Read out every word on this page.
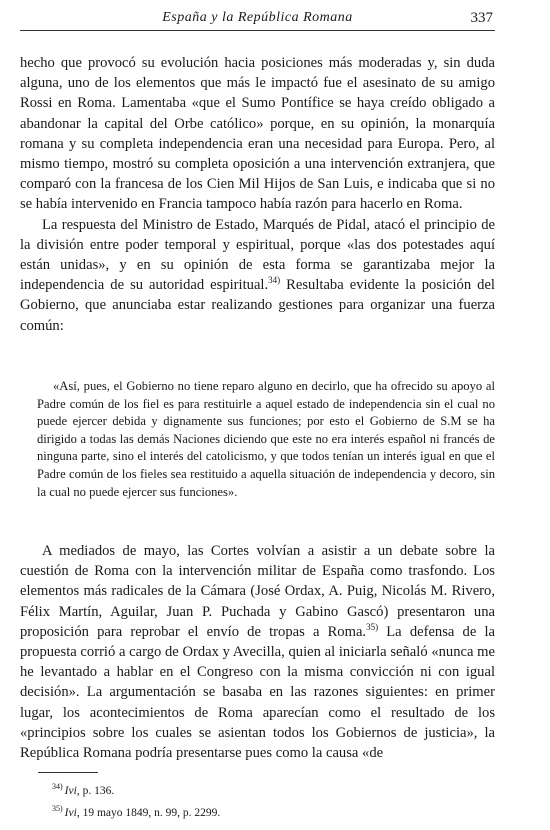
España y la República Romana	337

hecho que provocó su evolución hacia posiciones más moderadas y, sin duda alguna, uno de los elementos que más le impactó fue el asesinato de su amigo Rossi en Roma. Lamentaba «que el Sumo Pontífice se haya creído obligado a abandonar la capital del Orbe católico» porque, en su opinión, la monarquía romana y su completa independencia eran una necesidad para Europa. Pero, al mismo tiempo, mostró su completa oposición a una intervención extranjera, que comparó con la francesa de los Cien Mil Hijos de San Luis, e indicaba que si no se había intervenido en Francia tampoco había razón para hacerlo en Roma.

La respuesta del Ministro de Estado, Marqués de Pidal, atacó el principio de la división entre poder temporal y espiritual, porque «las dos potestades aquí están unidas», y en su opinión de esta forma se garantizaba mejor la independencia de su autoridad espiritual.$^{34)}$ Resultaba evidente la posición del Gobierno, que anunciaba estar realizando gestiones para organizar una fuerza común:

«Así, pues, el Gobierno no tiene reparo alguno en decirlo, que ha ofrecido su apoyo al Padre común de los fiel es para restituirle a aquel estado de independencia sin el cual no puede ejercer debida y dignamente sus funciones; por esto el Gobierno de S.M se ha dirigido a todas las demás Naciones diciendo que este no era interés español ni francés de ninguna parte, sino el interés del catolicismo, y que todos tenían un interés igual en que el Padre común de los fieles sea restituido a aquella situación de independencia y decoro, sin la cual no puede ejercer sus funciones».

A mediados de mayo, las Cortes volvían a asistir a un debate sobre la cuestión de Roma con la intervención militar de España como trasfondo. Los elementos más radicales de la Cámara (José Ordax, A. Puig, Nicolás M. Rivero, Félix Martín, Aguilar, Juan P. Puchada y Gabino Gascó) presentaron una proposición para reprobar el envío de tropas a Roma.$^{35)}$ La defensa de la propuesta corrió a cargo de Ordax y Avecilla, quien al iniciarla señaló «nunca me he levantado a hablar en el Congreso con la misma convicción ni con igual decisión». La argumentación se basaba en las razones siguientes: en primer lugar, los acontecimientos de Roma aparecían como el resultado de los «principios sobre los cuales se asientan todos los Gobiernos de justicia», la República Romana podría presentarse pues como la causa «de

$^{34)}$ Ivi, p. 136.
$^{35)}$ Ivi, 19 mayo 1849, n. 99, p. 2299.
